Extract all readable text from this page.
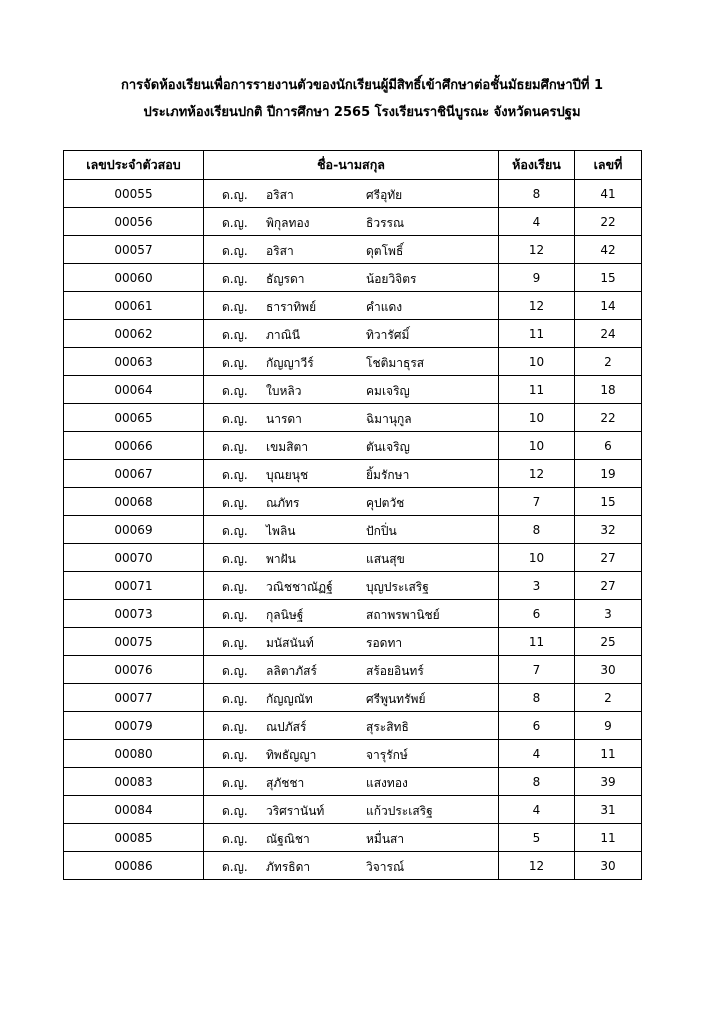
การจัดห้องเรียนเพื่อการรายงานตัวของนักเรียนผู้มีสิทธิ์เข้าศึกษาต่อชั้นมัธยมศึกษาปีที่ 1
ประเภทห้องเรียนปกติ ปีการศึกษา 2565 โรงเรียนราชินีบูรณะ จังหวัดนครปฐม
เลขประจำตัวสอบ	ชื่อ-นามสกุล	ห้องเรียน	เลขที่
00055	ด.ญ. อริสา ศรีอุทัย	8	41
00056	ด.ญ. พิกุลทอง ธิวรรณ	4	22
00057	ด.ญ. อริสา ดุตโพธิ์	12	42
00060	ด.ญ. ธัญรดา น้อยวิจิตร	9	15
00061	ด.ญ. ธาราทิพย์ คำแดง	12	14
00062	ด.ญ. ภาณินี ทิวารัศมิ์	11	24
00063	ด.ญ. กัญญาวีร์ โชติมาธุรส	10	2
00064	ด.ญ. ใบหลิว คมเจริญ	11	18
00065	ด.ญ. นารดา ฉิมานุกูล	10	22
00066	ด.ญ. เขมสิตา ตันเจริญ	10	6
00067	ด.ญ. บุณยนุช ยิ้มรักษา	12	19
00068	ด.ญ. ณภัทร คุปตวัช	7	15
00069	ด.ญ. ไพลิน ปักปิ่น	8	32
00070	ด.ญ. พาฝัน แสนสุข	10	27
00071	ด.ญ. วณิชชาณัฏฐ์ บุญประเสริฐ	3	27
00073	ด.ญ. กุลนิษฐ์ สถาพรพานิชย์	6	3
00075	ด.ญ. มนัสนันท์ รอดทา	11	25
00076	ด.ญ. ลลิตาภัสร์ สร้อยอินทร์	7	30
00077	ด.ญ. กัญญณัท ศรีพูนทรัพย์	8	2
00079	ด.ญ. ณปภัสร์ สุระสิทธิ	6	9
00080	ด.ญ. ทิพธัญญา จารุรักษ์	4	11
00083	ด.ญ. สุภัชชา แสงทอง	8	39
00084	ด.ญ. วริศรานันท์ แก้วประเสริฐ	4	31
00085	ด.ญ. ณัฐณิชา หมื่นสา	5	11
00086	ด.ญ. ภัทรธิดา วิจารณ์	12	30
